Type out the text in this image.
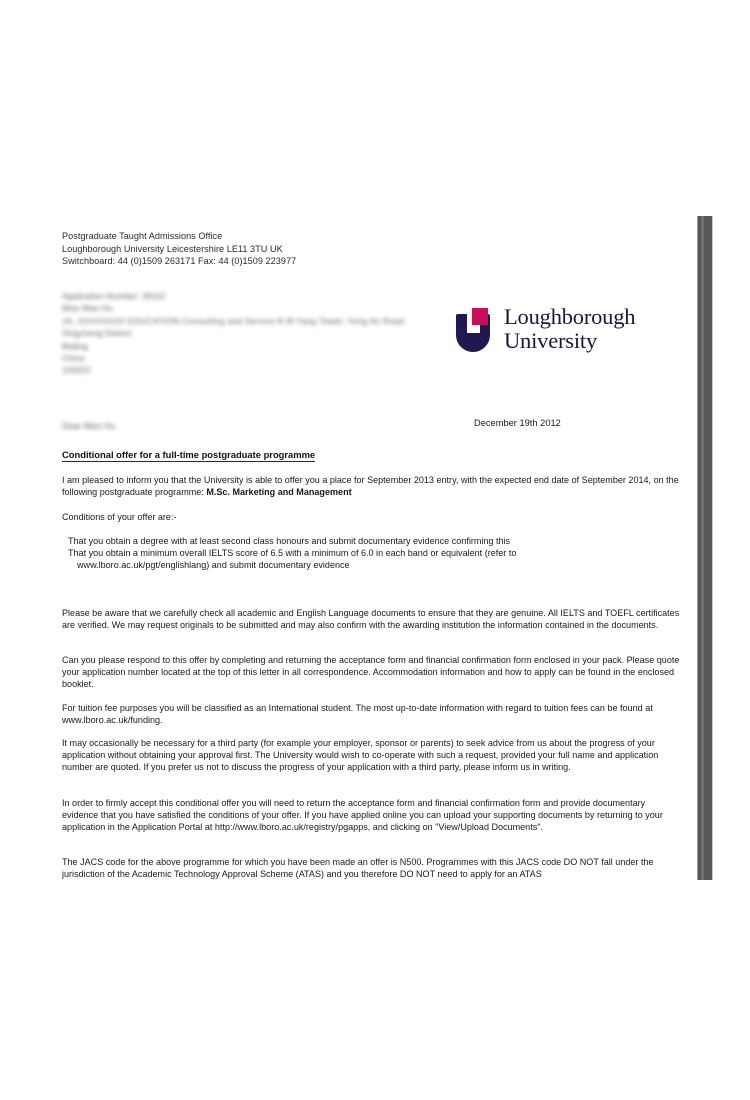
Postgraduate Taught Admissions Office
Loughborough University Leicestershire LE11 3TU UK
Switchboard: 44 (0)1509 263171 Fax: 44 (0)1509 223977
Application Number: 28110
Miss Wan Hu
JA, XXXXXXXX EDUCATION Consulting and Service R M Yang Tower, Yong An Road
Xingcheng District
Beijing
China
100022
Loughborough
University
December 19th 2012
Dear Miss Hu
Conditional offer for a full-time postgraduate programme
I am pleased to inform you that the University is able to offer you a place for September 2013 entry, with the expected end date of September 2014, on the following postgraduate programme: M.Sc. Marketing and Management
Conditions of your offer are:-
That you obtain a degree with at least second class honours and submit documentary evidence confirming this
That you obtain a minimum overall IELTS score of 6.5 with a minimum of 6.0 in each band or equivalent (refer to
www.lboro.ac.uk/pgt/englishlang) and submit documentary evidence
Please be aware that we carefully check all academic and English Language documents to ensure that they are genuine. All IELTS and TOEFL certificates are verified. We may request originals to be submitted and may also confirm with the awarding institution the information contained in the documents.
Can you please respond to this offer by completing and returning the acceptance form and financial confirmation form enclosed in your pack. Please quote your application number located at the top of this letter in all correspondence. Accommodation information and how to apply can be found in the enclosed booklet.
For tuition fee purposes you will be classified as an International student. The most up-to-date information with regard to tuition fees can be found at www.lboro.ac.uk/funding.
It may occasionally be necessary for a third party (for example your employer, sponsor or parents) to seek advice from us about the progress of your application without obtaining your approval first. The University would wish to co-operate with such a request, provided your full name and application number are quoted. If you prefer us not to discuss the progress of your application with a third party, please inform us in writing.
In order to firmly accept this conditional offer you will need to return the acceptance form and financial confirmation form and provide documentary evidence that you have satisfied the conditions of your offer. If you have applied online you can upload your supporting documents by returning to your application in the Application Portal at http://www.lboro.ac.uk/registry/pgapps, and clicking on "View/Upload Documents".
The JACS code for the above programme for which you have been made an offer is N500. Programmes with this JACS code DO NOT fall under the jurisdiction of the Academic Technology Approval Scheme (ATAS) and you therefore DO NOT need to apply for an ATAS
